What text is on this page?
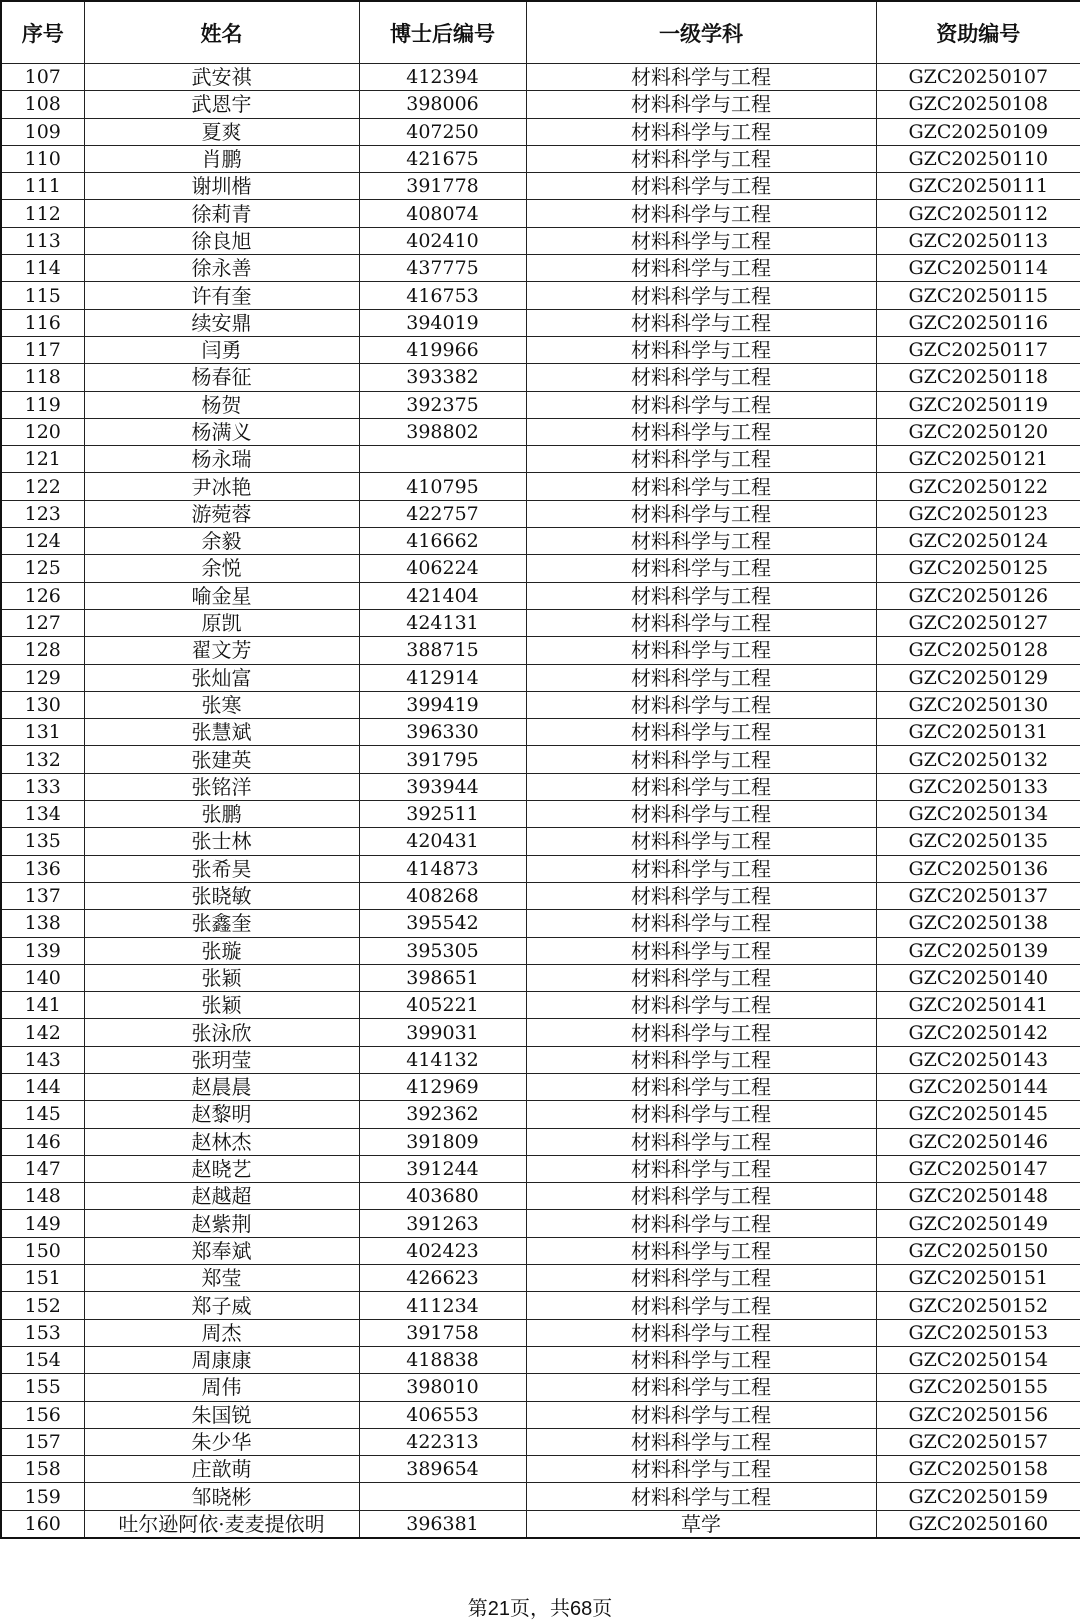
序号	姓名	博士后编号	一级学科	资助编号
107	武安祺	412394	材料科学与工程	GZC20250107
108	武恩宇	398006	材料科学与工程	GZC20250108
109	夏爽	407250	材料科学与工程	GZC20250109
110	肖鹏	421675	材料科学与工程	GZC20250110
111	谢圳楷	391778	材料科学与工程	GZC20250111
112	徐莉青	408074	材料科学与工程	GZC20250112
113	徐良旭	402410	材料科学与工程	GZC20250113
114	徐永善	437775	材料科学与工程	GZC20250114
115	许有奎	416753	材料科学与工程	GZC20250115
116	续安鼎	394019	材料科学与工程	GZC20250116
117	闫勇	419966	材料科学与工程	GZC20250117
118	杨春征	393382	材料科学与工程	GZC20250118
119	杨贺	392375	材料科学与工程	GZC20250119
120	杨满义	398802	材料科学与工程	GZC20250120
121	杨永瑞		材料科学与工程	GZC20250121
122	尹冰艳	410795	材料科学与工程	GZC20250122
123	游菀蓉	422757	材料科学与工程	GZC20250123
124	余毅	416662	材料科学与工程	GZC20250124
125	余悦	406224	材料科学与工程	GZC20250125
126	喻金星	421404	材料科学与工程	GZC20250126
127	原凯	424131	材料科学与工程	GZC20250127
128	翟文芳	388715	材料科学与工程	GZC20250128
129	张灿富	412914	材料科学与工程	GZC20250129
130	张寒	399419	材料科学与工程	GZC20250130
131	张慧斌	396330	材料科学与工程	GZC20250131
132	张建英	391795	材料科学与工程	GZC20250132
133	张铭洋	393944	材料科学与工程	GZC20250133
134	张鹏	392511	材料科学与工程	GZC20250134
135	张士林	420431	材料科学与工程	GZC20250135
136	张希昊	414873	材料科学与工程	GZC20250136
137	张晓敏	408268	材料科学与工程	GZC20250137
138	张鑫奎	395542	材料科学与工程	GZC20250138
139	张璇	395305	材料科学与工程	GZC20250139
140	张颖	398651	材料科学与工程	GZC20250140
141	张颖	405221	材料科学与工程	GZC20250141
142	张泳欣	399031	材料科学与工程	GZC20250142
143	张玥莹	414132	材料科学与工程	GZC20250143
144	赵晨晨	412969	材料科学与工程	GZC20250144
145	赵黎明	392362	材料科学与工程	GZC20250145
146	赵林杰	391809	材料科学与工程	GZC20250146
147	赵晓艺	391244	材料科学与工程	GZC20250147
148	赵越超	403680	材料科学与工程	GZC20250148
149	赵紫荆	391263	材料科学与工程	GZC20250149
150	郑奉斌	402423	材料科学与工程	GZC20250150
151	郑莹	426623	材料科学与工程	GZC20250151
152	郑子威	411234	材料科学与工程	GZC20250152
153	周杰	391758	材料科学与工程	GZC20250153
154	周康康	418838	材料科学与工程	GZC20250154
155	周伟	398010	材料科学与工程	GZC20250155
156	朱国锐	406553	材料科学与工程	GZC20250156
157	朱少华	422313	材料科学与工程	GZC20250157
158	庄歆萌	389654	材料科学与工程	GZC20250158
159	邹晓彬		材料科学与工程	GZC20250159
160	吐尔逊阿依·麦麦提依明	396381	草学	GZC20250160
第21页，共68页
